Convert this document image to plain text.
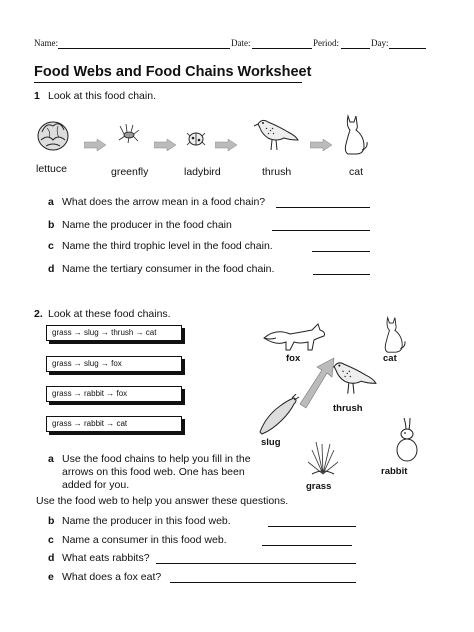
Name:	Date:	Period:	Day:
Food Webs and Food Chains Worksheet
1 Look at this food chain.
lettuce	greenfly	ladybird	thrush	cat
a What does the arrow mean in a food chain?
b Name the producer in the food chain
c Name the third trophic level in the food chain.
d Name the tertiary consumer in the food chain.
2. Look at these food chains.
grass → slug → thrush → cat
grass → slug → fox
grass → rabbit → fox
grass → rabbit → cat
fox	cat
thrush
slug
rabbit
grass
a Use the food chains to help you fill in the arrows on this food web. One has been added for you.
Use the food web to help you answer these questions.
b Name the producer in this food web.
c Name a consumer in this food web.
d What eats rabbits?
e What does a fox eat?
